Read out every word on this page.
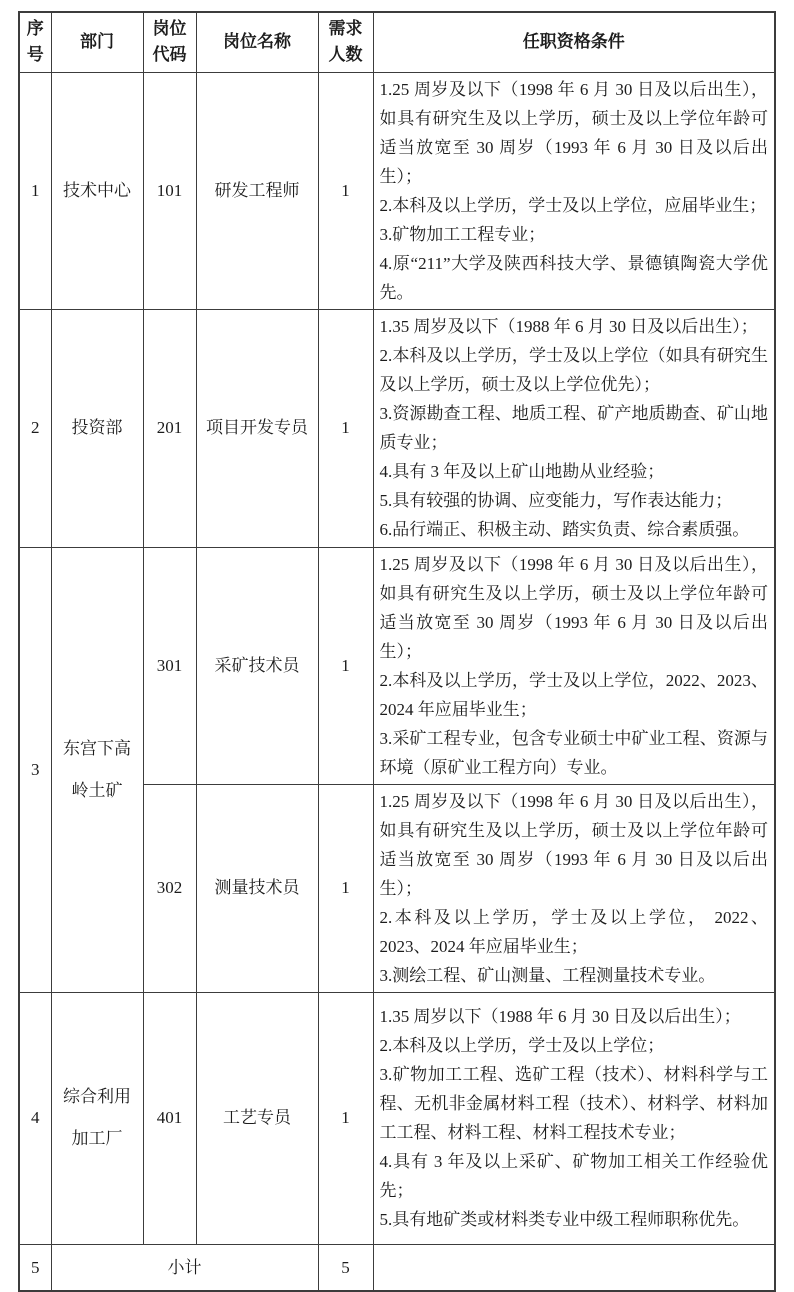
序号	部门	岗位代码	岗位名称	需求人数	任职资格条件
1	技术中心	101	研发工程师	1	1.25 周岁及以下（1998 年 6 月 30 日及以后出生），如具有研究生及以上学历，硕士及以上学位年龄可适当放宽至 30 周岁（1993 年 6 月 30 日及以后出生）；
2.本科及以上学历，学士及以上学位，应届毕业生；
3.矿物加工工程专业；
4.原“211”大学及陕西科技大学、景德镇陶瓷大学优先。

2	投资部	201	项目开发专员	1	
1.35 周岁及以下（1988 年 6 月 30 日及以后出生）；
2.本科及以上学历，学士及以上学位（如具有研究生及以上学历，硕士及以上学位优先）；
3.资源勘查工程、地质工程、矿产地质勘查、矿山地质专业；
4.具有 3 年及以上矿山地勘从业经验；
5.具有较强的协调、应变能力，写作表达能力；
6.品行端正、积极主动、踏实负责、综合素质强。

3	东宫下高岭土矿	301	采矿技术员	1	1.25 周岁及以下（1998 年 6 月 30 日及以后出生），如具有研究生及以上学历，硕士及以上学位年龄可适当放宽至 30 周岁（1993 年 6 月 30 日及以后出生）；
2.本科及以上学历，学士及以上学位，2022、2023、2024 年应届毕业生；
3.采矿工程专业，包含专业硕士中矿业工程、资源与环境（原矿业工程方向）专业。

		302	测量技术员	1	1.25 周岁及以下（1998 年 6 月 30 日及以后出生），如具有研究生及以上学历，硕士及以上学位年龄可适当放宽至 30 周岁（1993 年 6 月 30 日及以后出生）；
2.本科及以上学历，学士及以上学位， 2022、2023、2024 年应届毕业生；
3.测绘工程、矿山测量、工程测量技术专业。

4	综合利用加工厂	401	工艺专员	1	1.35 周岁以下（1988 年 6 月 30 日及以后出生）；
2.本科及以上学历，学士及以上学位；
3.矿物加工工程、选矿工程（技术）、材料科学与工程、无机非金属材料工程（技术）、材料学、材料加工工程、材料工程、材料工程技术专业；
4.具有 3 年及以上采矿、矿物加工相关工作经验优先；
5.具有地矿类或材料类专业中级工程师职称优先。

5	小计			5	
